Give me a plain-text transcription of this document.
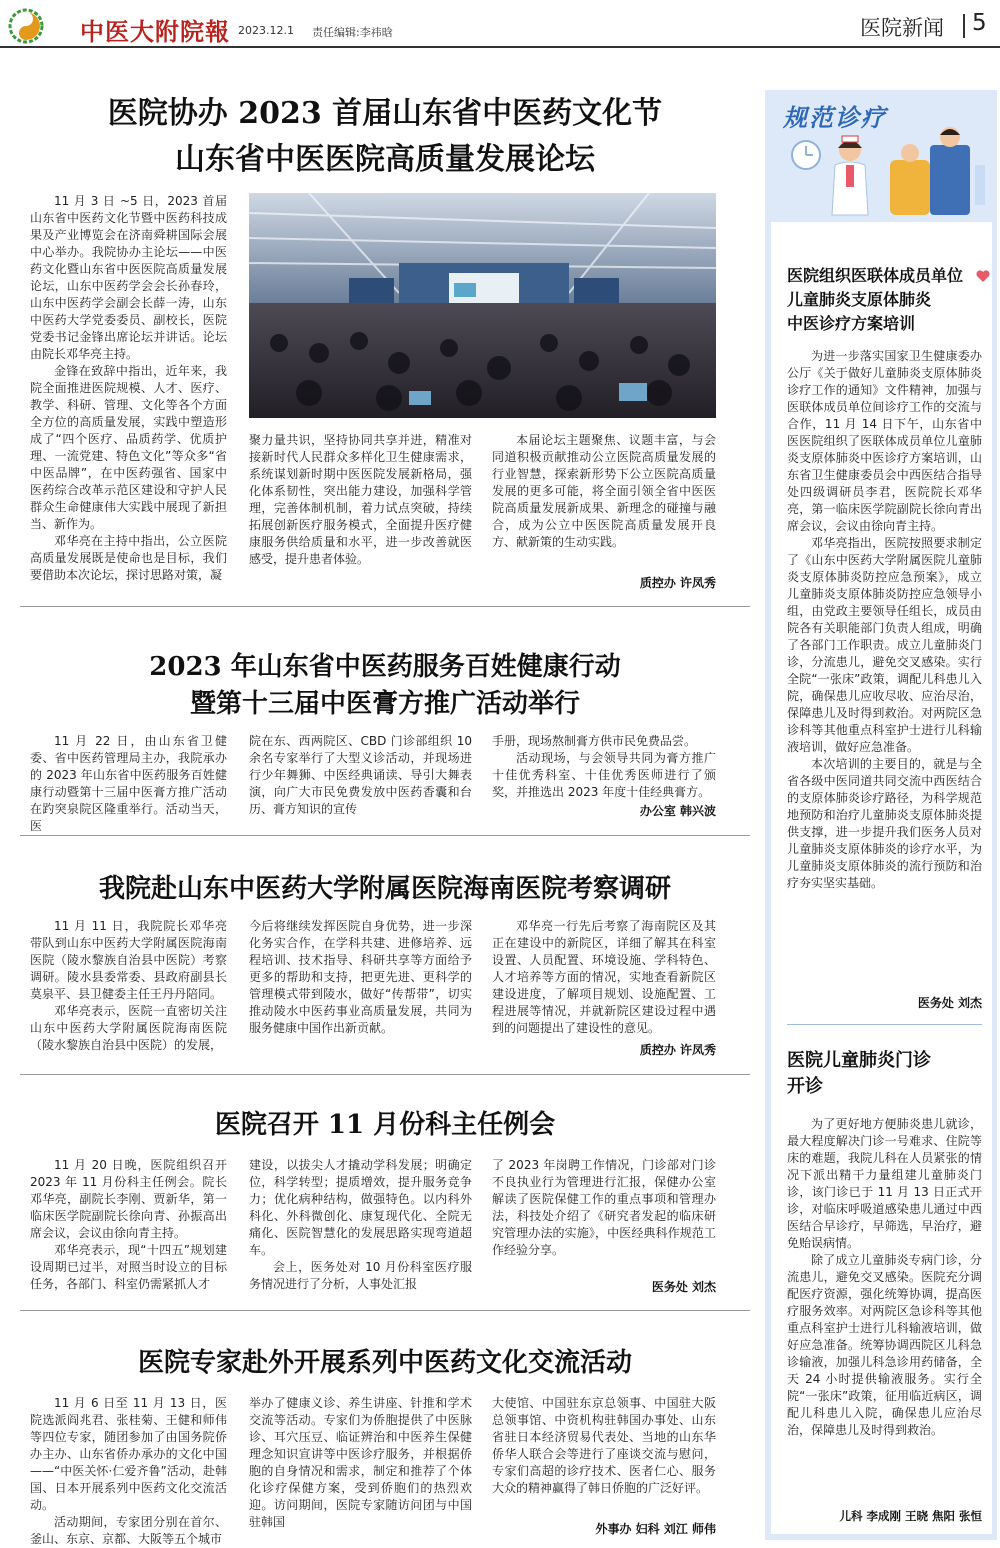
中医大附院報 2023.12.1 责任编辑:李祎晗	医院新闻 5
医院协办 2023 首届山东省中医药文化节
山东省中医医院高质量发展论坛

11 月 3 日 ~5 日，2023 首届山东省中医药文化节暨中医药科技成果及产业博览会在济南舜耕国际会展中心举办。我院协办主论坛——中医药文化暨山东省中医医院高质量发展论坛，山东中医药学会会长孙春玲，山东中医药学会副会长薛一涛，山东中医药大学党委委员、副校长，医院党委书记金锋出席论坛并讲话。论坛由院长邓华亮主持。

金锋在致辞中指出，近年来，我院全面推进医院规模、人才、医疗、教学、科研、管理、文化等各个方面全方位的高质量发展，实践中塑造形成了“四个医疗、品质药学、优质护理、一流党建、特色文化”等众多“省中医品牌”，在中医药强省、国家中医药综合改革示范区建设和守护人民群众生命健康伟大实践中展现了新担当、新作为。

邓华亮在主持中指出，公立医院高质量发展既是使命也是目标，我们要借助本次论坛，探讨思路对策，凝

聚力量共识，坚持协同共享并进，精准对接新时代人民群众多样化卫生健康需求，系统谋划新时期中医医院发展新格局，强化体系韧性，突出能力建设，加强科学管理，完善体制机制，着力试点突破，持续拓展创新医疗服务模式，全面提升医疗健康服务供给质量和水平，进一步改善就医感受，提升患者体验。

本届论坛主题聚焦、议题丰富，与会同道积极贡献推动公立医院高质量发展的行业智慧，探索新形势下公立医院高质量发展的更多可能，将全面引领全省中医医院高质量发展新成果、新理念的碰撞与融合，成为公立中医医院高质量发展开良方、献新策的生动实践。

质控办 许凤秀
2023 年山东省中医药服务百姓健康行动
暨第十三届中医膏方推广活动举行

11 月 22 日，由山东省卫健委、省中医药管理局主办，我院承办的 2023 年山东省中医药服务百姓健康行动暨第十三届中医膏方推广活动在趵突泉院区隆重举行。活动当天，医

院在东、西两院区、CBD 门诊部组织 10 余名专家举行了大型义诊活动，并现场进行少年舞狮、中医经典诵读、导引大舞表演，向广大市民免费发放中医药香囊和台历、膏方知识的宣传

手册，现场熬制膏方供市民免费品尝。

活动现场，与会领导共同为膏方推广十佳优秀科室、十佳优秀医师进行了颁奖，并推选出 2023 年度十佳经典膏方。

办公室 韩兴波
我院赴山东中医药大学附属医院海南医院考察调研

11 月 11 日，我院院长邓华亮带队到山东中医药大学附属医院海南医院（陵水黎族自治县中医院）考察调研。陵水县委常委、县政府副县长莫泉平、县卫健委主任王丹丹陪同。

邓华亮表示，医院一直密切关注山东中医药大学附属医院海南医院（陵水黎族自治县中医院）的发展，

今后将继续发挥医院自身优势，进一步深化务实合作，在学科共建、进修培养、远程培训、技术指导、科研共享等方面给予更多的帮助和支持，把更先进、更科学的管理模式带到陵水，做好“传帮带”，切实推动陵水中医药事业高质量发展，共同为服务健康中国作出新贡献。

邓华亮一行先后考察了海南院区及其正在建设中的新院区，详细了解其在科室设置、人员配置、环境设施、学科特色、人才培养等方面的情况，实地查看新院区建设进度，了解项目规划、设施配置、工程进展等情况，并就新院区建设过程中遇到的问题提出了建设性的意见。

质控办 许凤秀
医院召开 11 月份科主任例会

11 月 20 日晚，医院组织召开 2023 年 11 月份科主任例会。院长邓华亮，副院长李刚、贾新华，第一临床医学院副院长徐向青、孙振高出席会议，会议由徐向青主持。

邓华亮表示，现“十四五”规划建设周期已过半，对照当时设立的目标任务，各部门、科室仍需紧抓人才

建设，以拔尖人才撬动学科发展；明确定位，科学转型；提质增效，提升服务竞争力；优化病种结构，做强特色。以内科外科化、外科微创化、康复现代化、全院无痛化、医院智慧化的发展思路实现弯道超车。

会上，医务处对 10 月份科室医疗服务情况进行了分析，人事处汇报

了 2023 年岗聘工作情况，门诊部对门诊不良执业行为管理进行汇报，保健办公室解读了医院保健工作的重点事项和管理办法，科技处介绍了《研究者发起的临床研究管理办法的实施》，中医经典科作规范工作经验分享。

医务处 刘杰
医院专家赴外开展系列中医药文化交流活动

11 月 6 日至 11 月 13 日，医院选派阎兆君、张桂菊、王健和师伟等四位专家，随团参加了由国务院侨办主办、山东省侨办承办的文化中国——“中医关怀·仁爱齐鲁”活动，赴韩国、日本开展系列中医药文化交流活动。

活动期间，专家团分别在首尔、釜山、东京、京都、大阪等五个城市

举办了健康义诊、养生讲座、针推和学术交流等活动。专家们为侨胞提供了中医脉诊、耳穴压豆、临证辨治和中医养生保健理念知识宣讲等中医诊疗服务，并根据侨胞的自身情况和需求，制定和推荐了个体化诊疗保健方案，受到侨胞们的热烈欢迎。访问期间，医院专家随访问团与中国驻韩国

大使馆、中国驻东京总领事、中国驻大阪总领事馆、中资机构驻韩国办事处、山东省驻日本经济贸易代表处、当地的山东华侨华人联合会等进行了座谈交流与慰问，专家们高超的诊疗技术、医者仁心、服务大众的精神赢得了韩日侨胞的广泛好评。

外事办 妇科 刘江 师伟
规范诊疗
医院组织医联体成员单位
儿童肺炎支原体肺炎
中医诊疗方案培训

为进一步落实国家卫生健康委办公厅《关于做好儿童肺炎支原体肺炎诊疗工作的通知》文件精神，加强与医联体成员单位间诊疗工作的交流与合作，11 月 14 日下午，山东省中医医院组织了医联体成员单位儿童肺炎支原体肺炎中医诊疗方案培训，山东省卫生健康委员会中西医结合指导处四级调研员李君，医院院长邓华亮，第一临床医学院副院长徐向青出席会议，会议由徐向青主持。

邓华亮指出，医院按照要求制定了《山东中医药大学附属医院儿童肺炎支原体肺炎防控应急预案》，成立儿童肺炎支原体肺炎防控应急领导小组，由党政主要领导任组长，成员由院各有关职能部门负责人组成，明确了各部门工作职责。成立儿童肺炎门诊，分流患儿，避免交叉感染。实行全院“一张床”政策，调配儿科患儿入院，确保患儿应收尽收、应治尽治，保障患儿及时得到救治。对两院区急诊科等其他重点科室护士进行儿科输液培训，做好应急准备。

本次培训的主要目的，就是与全省各级中医同道共同交流中西医结合的支原体肺炎诊疗路径，为科学规范地预防和治疗儿童肺炎支原体肺炎提供支撑，进一步提升我们医务人员对儿童肺炎支原体肺炎的诊疗水平，为儿童肺炎支原体肺炎的流行预防和治疗夯实坚实基础。

医务处 刘杰
医院儿童肺炎门诊
开诊

为了更好地方便肺炎患儿就诊，最大程度解决门诊一号难求、住院等床的难题，我院儿科在人员紧张的情况下派出精干力量组建儿童肺炎门诊，该门诊已于 11 月 13 日正式开诊，对临床呼吸道感染患儿通过中西医结合早诊疗，早筛选，早治疗，避免贻误病情。

除了成立儿童肺炎专病门诊，分流患儿，避免交叉感染。医院充分调配医疗资源，强化统筹协调，提高医疗服务效率。对两院区急诊科等其他重点科室护士进行儿科输液培训，做好应急准备。统筹协调西院区儿科急诊输液，加强儿科急诊用药储备，全天 24 小时提供输液服务。实行全院“一张床”政策，征用临近病区，调配儿科患儿入院，确保患儿应治尽治，保障患儿及时得到救治。

儿科 李成刚 王晓 焦阳 张恒
